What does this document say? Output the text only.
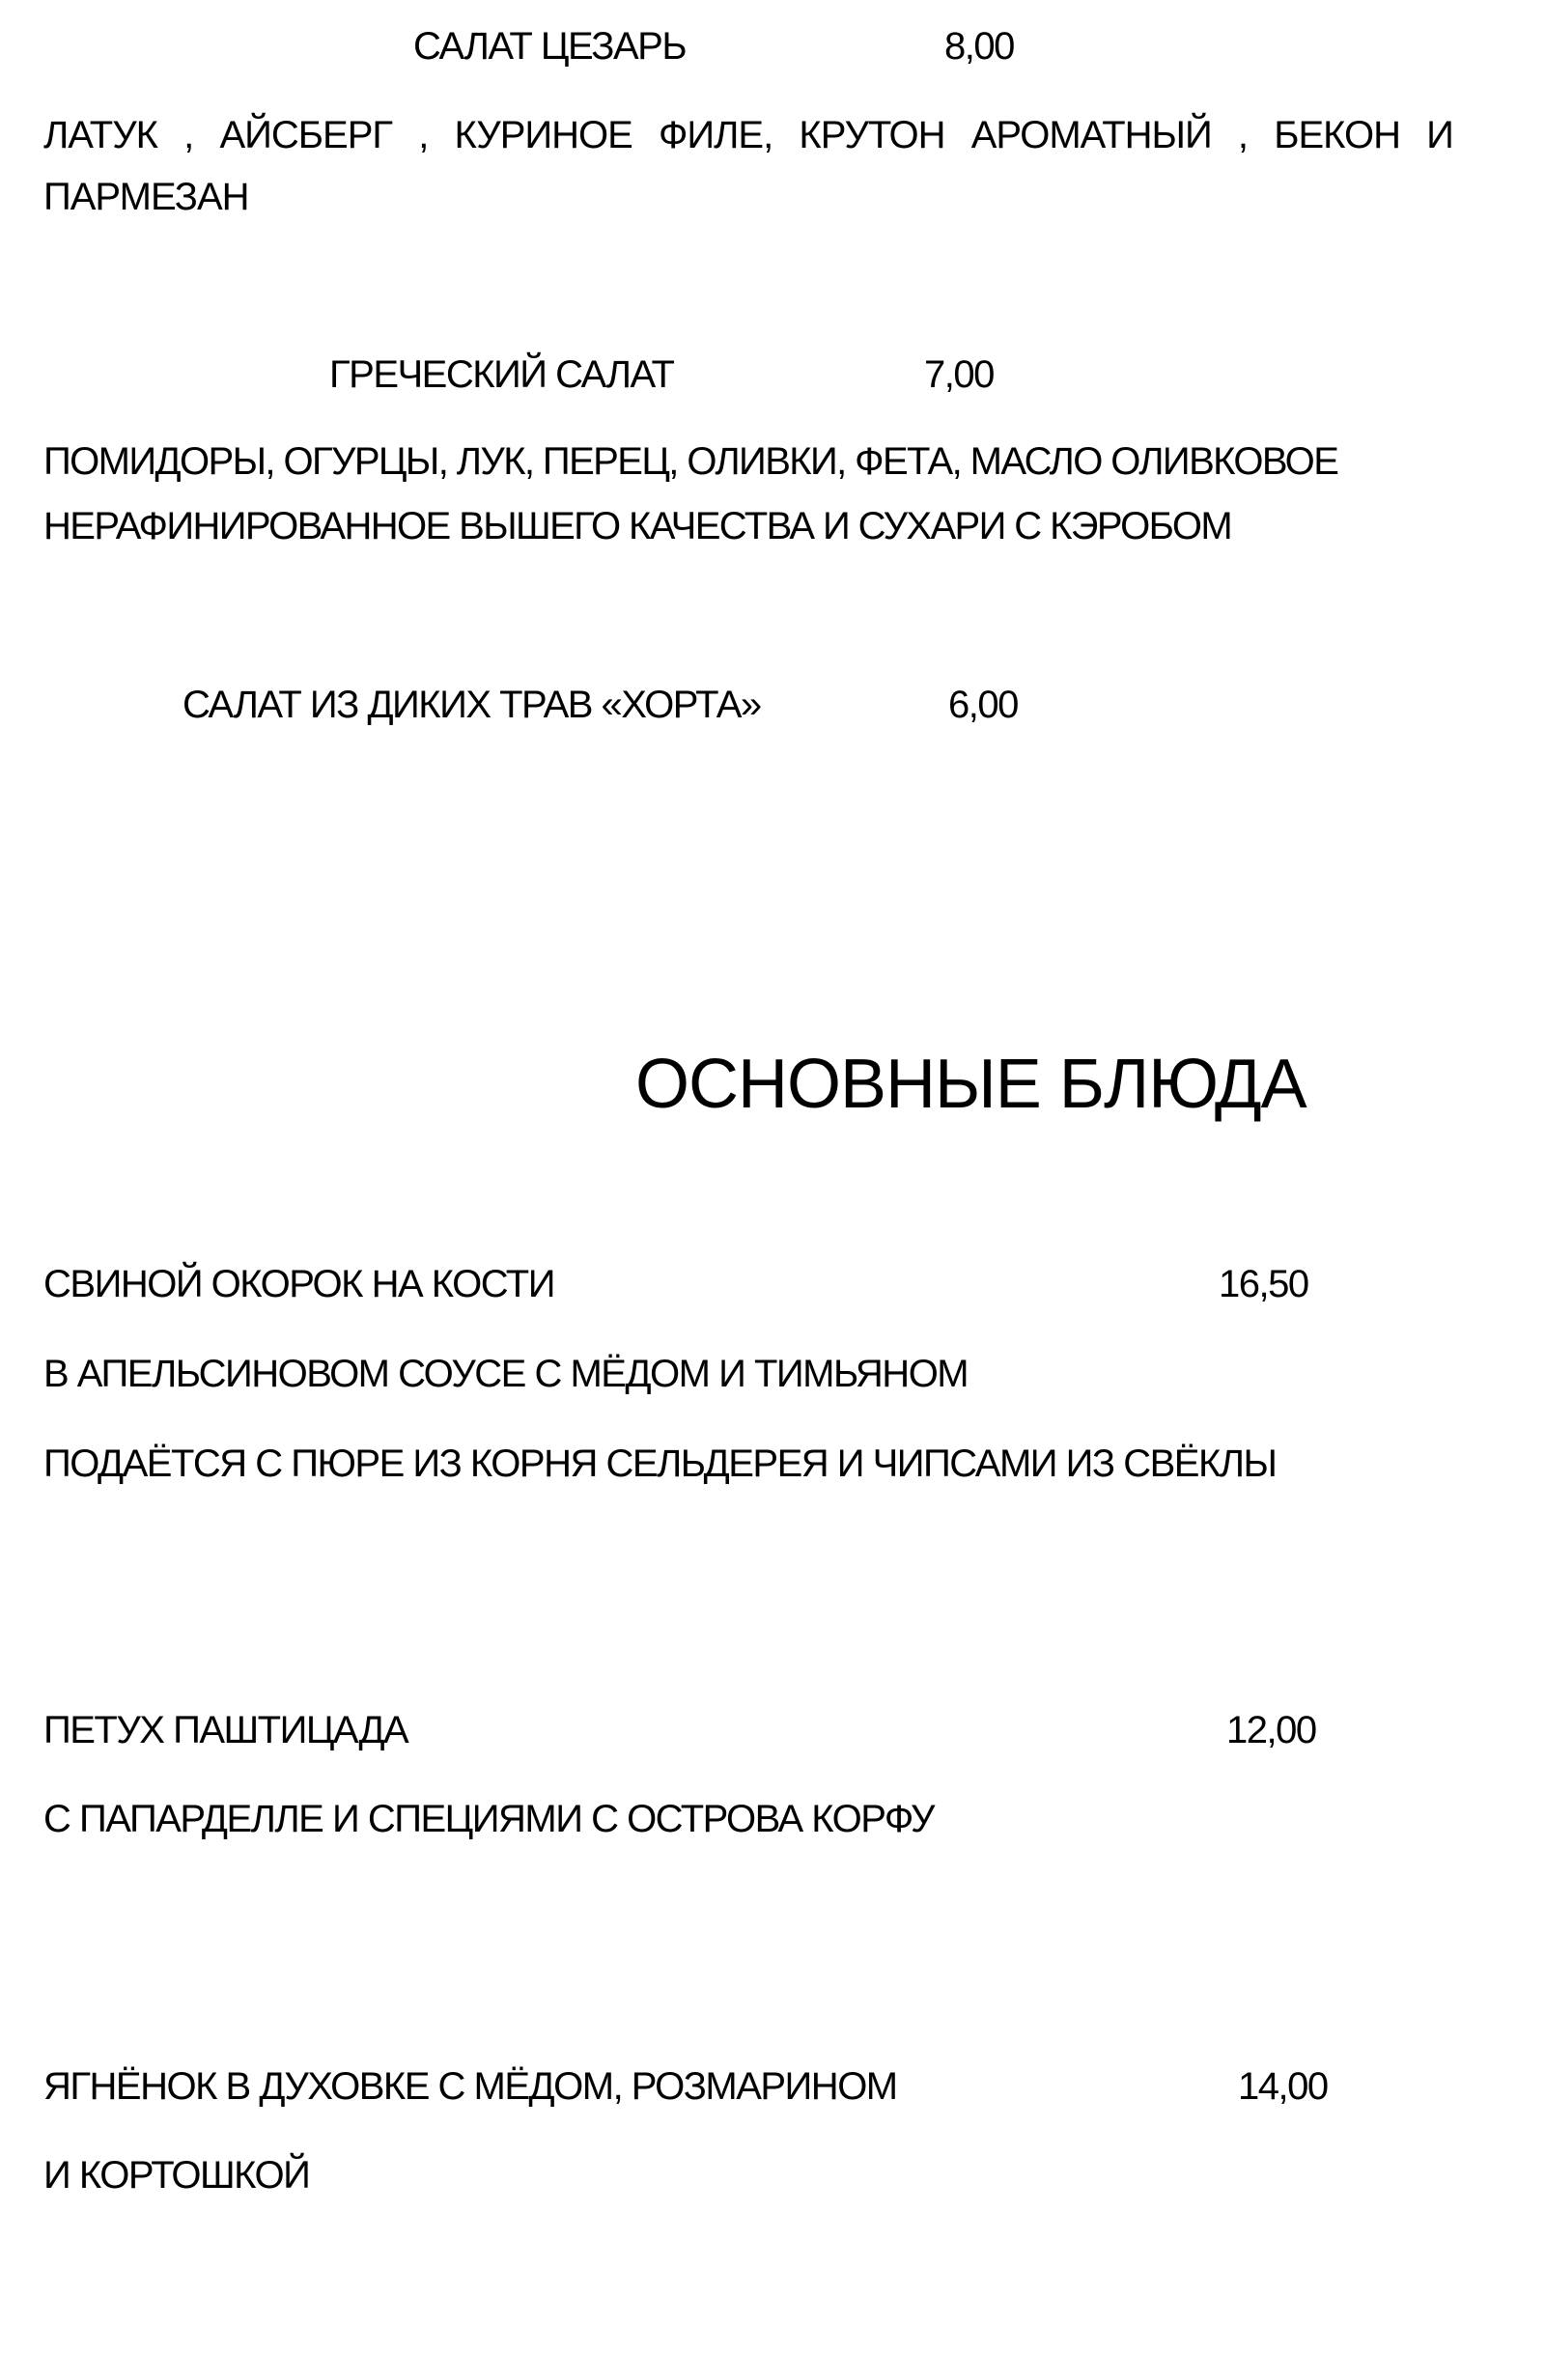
САЛАТ ЦЕЗАРЬ	8,00
ЛАТУК , АЙСБЕРГ , КУРИНОЕ ФИЛЕ, КРУТОН АРОМАТНЫЙ , БЕКОН И
ПАРМЕЗАН
ГРЕЧЕСКИЙ САЛАТ	7,00
ПОМИДОРЫ, ОГУРЦЫ, ЛУК, ПЕРЕЦ, ОЛИВКИ, ФЕТА, МАСЛО ОЛИВКОВОЕ
НЕРАФИНИРОВАННОЕ ВЫШЕГО КАЧЕСТВА И СУХАРИ С КЭРОБОМ
САЛАТ ИЗ ДИКИХ ТРАВ «ХОРТА»	6,00
ОСНОВНЫЕ БЛЮДА
СВИНОЙ ОКОРОК НА КОСТИ	16,50
В АПЕЛЬСИНОВОМ СОУСЕ С МЁДОМ И ТИМЬЯНОМ
ПОДАЁТСЯ С ПЮРЕ ИЗ КОРНЯ СЕЛЬДЕРЕЯ И ЧИПСАМИ ИЗ СВЁКЛЫ
ПЕТУХ ПАШТИЦАДА	12,00
С ПАПАРДЕЛЛЕ И СПЕЦИЯМИ С ОСТРОВА КОРФУ
ЯГНЁНОК В ДУХОВКЕ С МЁДОМ, РОЗМАРИНОМ	14,00
И КОРТОШКОЙ
